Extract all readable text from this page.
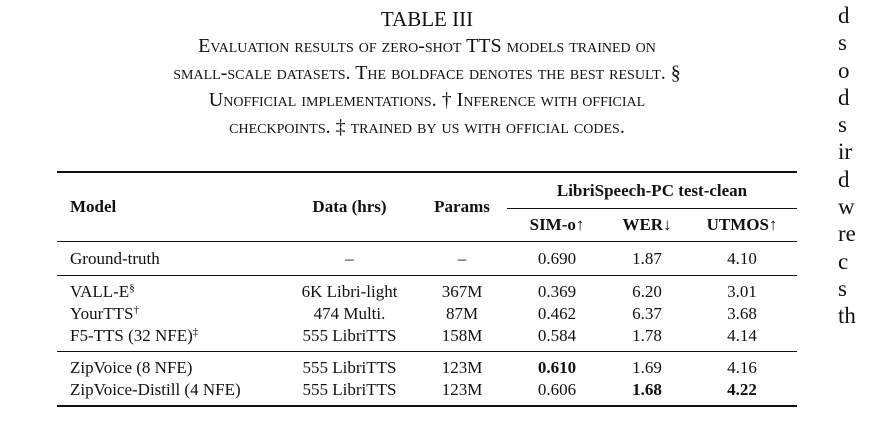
TABLE III
Evaluation results of zero-shot TTS models trained on
small-scale datasets. The boldface denotes the best result. §
Unofficial implementations. † Inference with official
checkpoints. ‡ trained by us with official codes.
Model	Data (hrs)	Params	LibriSpeech-PC test-clean		
			SIM-o↑	WER↓	UTMOS↑
Ground-truth	–	–	0.690	1.87	4.10
VALL-E§	6K Libri-light	367M	0.369	6.20	3.01
YourTTS†	474 Multi.	87M	0.462	6.37	3.68
F5-TTS (32 NFE)‡	555 LibriTTS	158M	0.584	1.78	4.14
ZipVoice (8 NFE)	555 LibriTTS	123M	0.610	1.69	4.16
ZipVoice-Distill (4 NFE)	555 LibriTTS	123M	0.606	1.68	4.22
d
s
o
d
s
ir
d
w
re
c
s
th
